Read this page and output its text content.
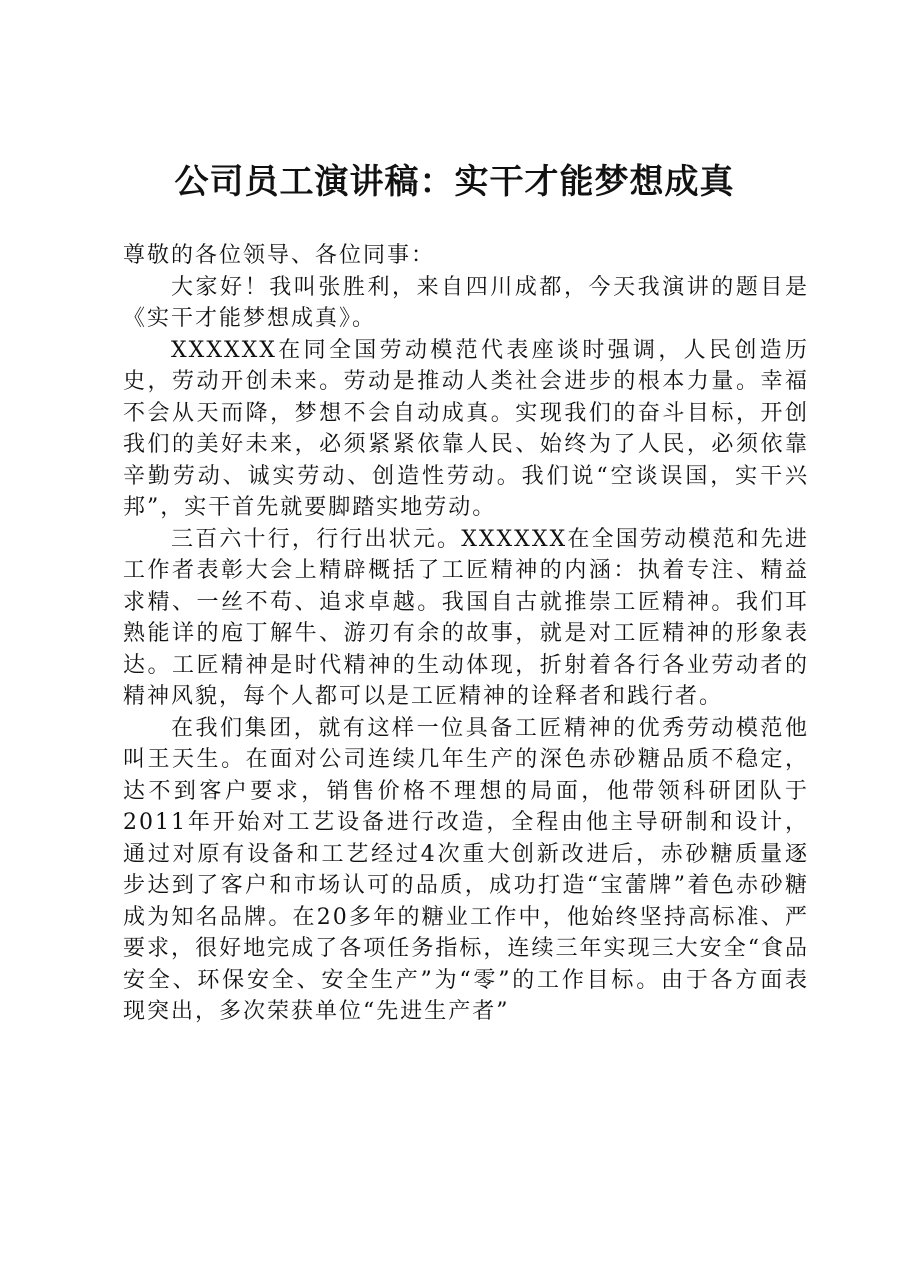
公司员工演讲稿：实干才能梦想成真

尊敬的各位领导、各位同事：

大家好！我叫张胜利，来自四川成都，今天我演讲的题目是《实干才能梦想成真》。

XXXXXX在同全国劳动模范代表座谈时强调，人民创造历史，劳动开创未来。劳动是推动人类社会进步的根本力量。幸福不会从天而降，梦想不会自动成真。实现我们的奋斗目标，开创我们的美好未来，必须紧紧依靠人民、始终为了人民，必须依靠辛勤劳动、诚实劳动、创造性劳动。我们说“空谈误国，实干兴邦”，实干首先就要脚踏实地劳动。

三百六十行，行行出状元。XXXXXX在全国劳动模范和先进工作者表彰大会上精辟概括了工匠精神的内涵：执着专注、精益求精、一丝不苟、追求卓越。我国自古就推崇工匠精神。我们耳熟能详的庖丁解牛、游刃有余的故事，就是对工匠精神的形象表达。工匠精神是时代精神的生动体现，折射着各行各业劳动者的精神风貌，每个人都可以是工匠精神的诠释者和践行者。

在我们集团，就有这样一位具备工匠精神的优秀劳动模范他叫王天生。在面对公司连续几年生产的深色赤砂糖品质不稳定，达不到客户要求，销售价格不理想的局面，他带领科研团队于2011年开始对工艺设备进行改造，全程由他主导研制和设计，通过对原有设备和工艺经过4次重大创新改进后，赤砂糖质量逐步达到了客户和市场认可的品质，成功打造“宝蕾牌”着色赤砂糖成为知名品牌。在20多年的糖业工作中，他始终坚持高标准、严要求，很好地完成了各项任务指标，连续三年实现三大安全“食品安全、环保安全、安全生产”为“零”的工作目标。由于各方面表现突出，多次荣获单位“先进生产者”
